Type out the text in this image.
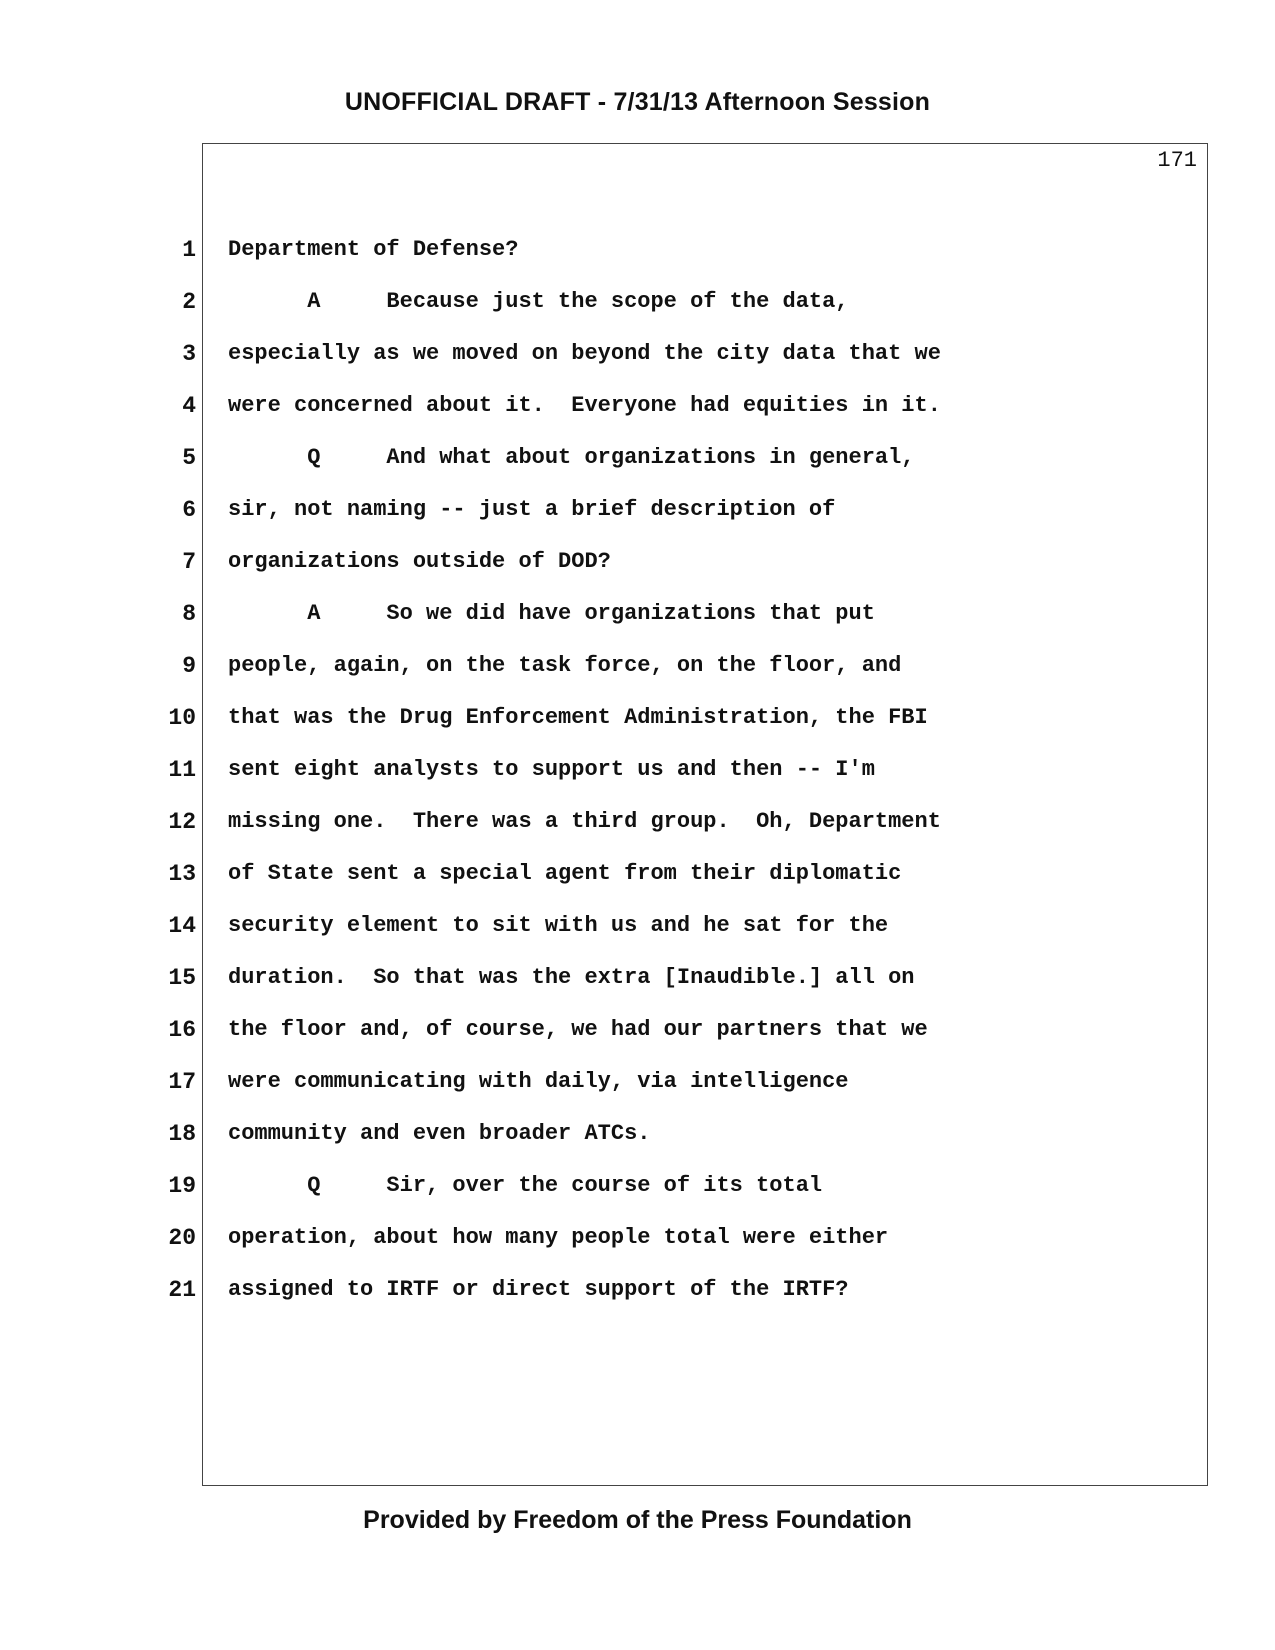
UNOFFICIAL DRAFT - 7/31/13 Afternoon Session
171
1 Department of Defense?
2 A     Because just the scope of the data,
3 especially as we moved on beyond the city data that we
4 were concerned about it.  Everyone had equities in it.
5 Q     And what about organizations in general,
6 sir, not naming -- just a brief description of
7 organizations outside of DOD?
8 A     So we did have organizations that put
9 people, again, on the task force, on the floor, and
10 that was the Drug Enforcement Administration, the FBI
11 sent eight analysts to support us and then -- I'm
12 missing one.  There was a third group.  Oh, Department
13 of State sent a special agent from their diplomatic
14 security element to sit with us and he sat for the
15 duration.  So that was the extra [Inaudible.] all on
16 the floor and, of course, we had our partners that we
17 were communicating with daily, via intelligence
18 community and even broader ATCs.
19 Q     Sir, over the course of its total
20 operation, about how many people total were either
21 assigned to IRTF or direct support of the IRTF?
Provided by Freedom of the Press Foundation
